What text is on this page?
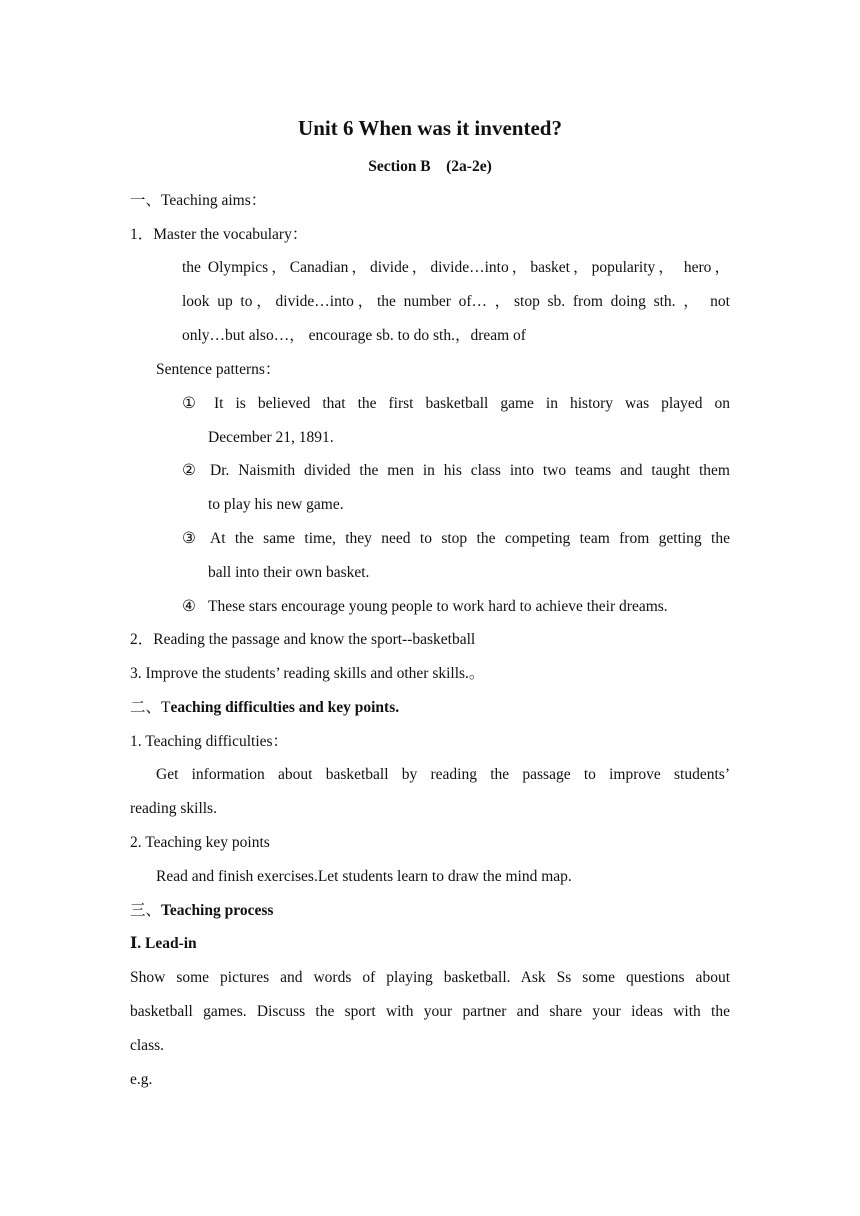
Unit 6 When was it invented?
Section B　(2a-2e)
一、Teaching aims：
1．Master the vocabulary：
the Olympics，Canadian，divide，divide…into，basket，popularity， hero，
look up to，divide…into，the number of… ，stop sb. from doing sth. ， not
only…but also…， encourage sb. to do sth.，dream of
Sentence patterns：
①	It is believed that the first basketball game in history was played on
December 21, 1891.
② Dr. Naismith divided the men in his class into two teams and taught them
to play his new game.
③ At the same time, they need to stop the competing team from getting the
ball into their own basket.
④ These stars encourage young people to work hard to achieve their dreams.
2．Reading the passage and know the sport--basketball
3. Improve the students’ reading skills and other skills.。
二、Teaching difficulties and key points.
1. Teaching difficulties：
Get information about basketball by reading the passage to improve students’
reading skills.
2. Teaching key points
Read and finish exercises.Let students learn to draw the mind map.
三、Teaching process
Ⅰ. Lead-in
Show some pictures and words of playing basketball. Ask Ss some questions about
basketball games. Discuss the sport with your partner and share your ideas with the
class.
e.g.
